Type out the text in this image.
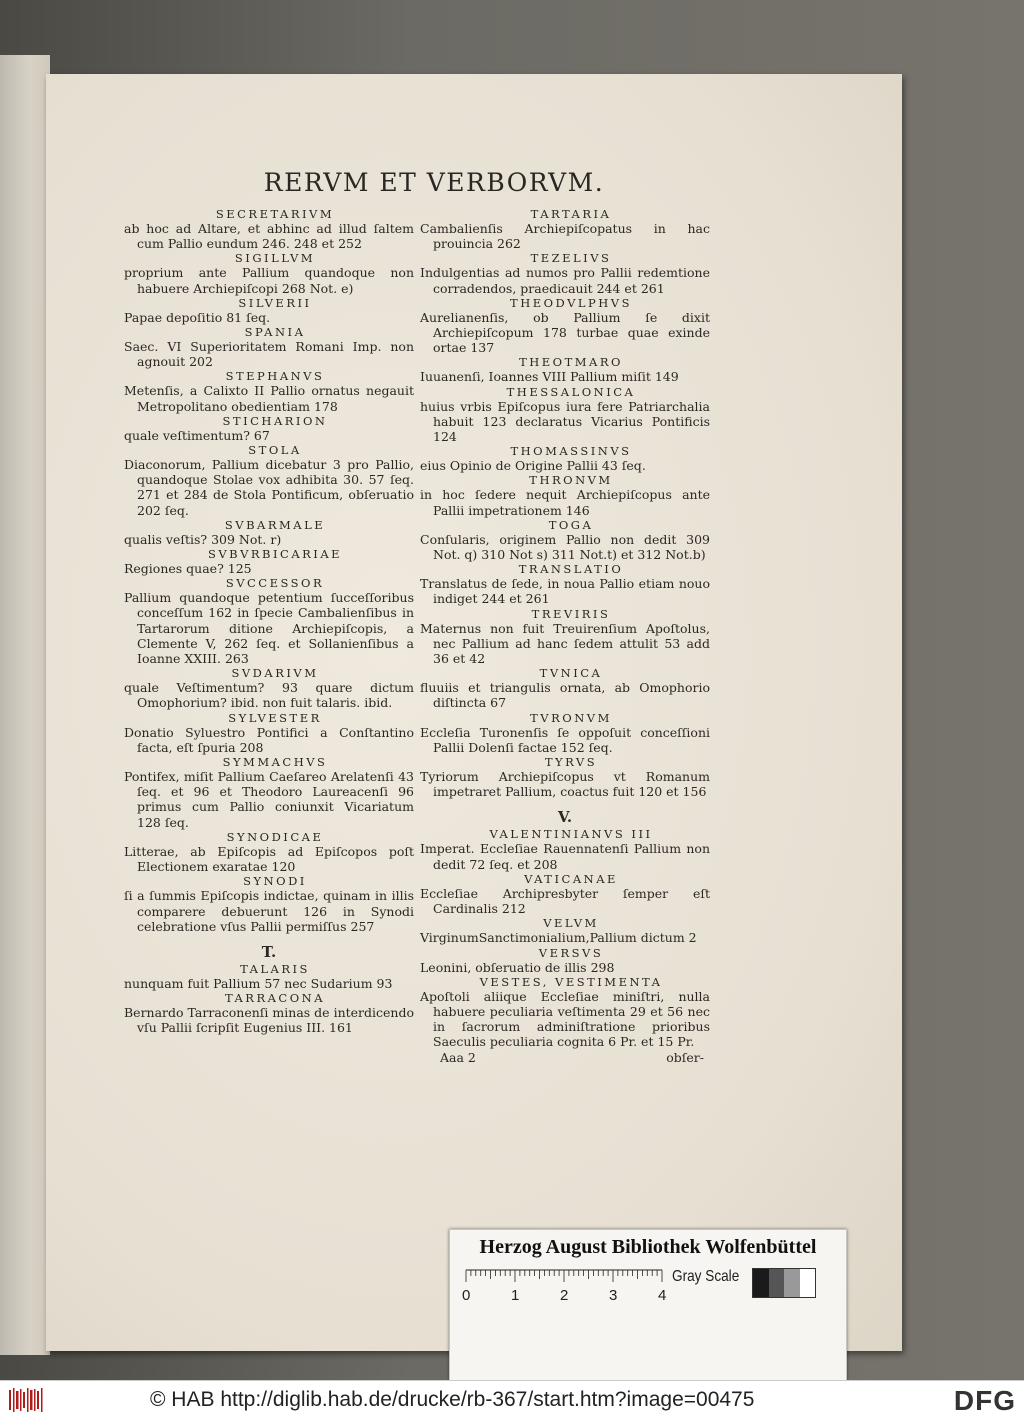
RERVM ET VERBORVM.
SECRETARIVM
ab hoc ad Altare, et abhinc ad illud ſaltem cum Pallio eundum 246. 248 et 252
SIGILLVM
proprium ante Pallium quandoque non habuere Archiepiſcopi 268 Not. e)
SILVERII
Papae depoſitio 81 ſeq.
SPANIA
Saec. VI Superioritatem Romani Imp. non agnouit 202
STEPHANVS
Metenſis, a Calixto II Pallio ornatus negauit Metropolitano obedientiam 178
STICHARION
quale veſtimentum? 67
STOLA
Diaconorum, Pallium dicebatur 3 pro Pallio, quandoque Stolae vox adhibita 30. 57 ſeq. 271 et 284 de Stola Pontificum, obſeruatio 202 ſeq.
SVBARMALE
qualis veſtis? 309 Not. r)
SVBVRBICARIAE
Regiones quae? 125
SVCCESSOR
Pallium quandoque petentium ſucceſſoribus conceſſum 162 in ſpecie Cambalienſibus in Tartarorum ditione Archiepiſcopis, a Clemente V, 262 ſeq. et Sollanienſibus a Ioanne XXIII. 263
SVDARIVM
quale Veſtimentum? 93 quare dictum Omophorium? ibid. non fuit talaris. ibid.
SYLVESTER
Donatio Syluestro Pontifici a Conſtantino facta, eſt ſpuria 208
SYMMACHVS
Pontifex, miſit Pallium Caeſareo Arelatenſi 43 ſeq. et 96 et Theodoro Laureacenſi 96 primus cum Pallio coniunxit Vicariatum 128 ſeq.
SYNODICAE
Litterae, ab Epiſcopis ad Epiſcopos poſt Electionem exaratae 120
SYNODI
ſi a ſummis Epiſcopis indictae, quinam in illis comparere debuerunt 126 in Synodi celebratione vſus Pallii permiſſus 257
T.
TALARIS
nunquam fuit Pallium 57 nec Sudarium 93
TARRACONA
Bernardo Tarraconenſi minas de interdicendo vſu Pallii ſcripſit Eugenius III. 161
TARTARIA
Cambalienſis Archiepiſcopatus in hac prouincia 262
TEZELIVS
Indulgentias ad numos pro Pallii redemtione corradendos, praedicauit 244 et 261
THEODVLPHVS
Aurelianenſis, ob Pallium ſe dixit Archiepiſcopum 178 turbae quae exinde ortae 137
THEOTMARO
Iuuanenſi, Ioannes VIII Pallium miſit 149
THESSALONICA
huius vrbis Epiſcopus iura fere Patriarchalia habuit 123 declaratus Vicarius Pontificis 124
THOMASSINVS
eius Opinio de Origine Pallii 43 ſeq.
THRONVM
in hoc ſedere nequit Archiepiſcopus ante Pallii impetrationem 146
TOGA
Conſularis, originem Pallio non dedit 309 Not. q) 310 Not s) 311 Not.t) et 312 Not.b)
TRANSLATIO
Translatus de ſede, in noua Pallio etiam nouo indiget 244 et 261
TREVIRIS
Maternus non fuit Treuirenſium Apoſtolus, nec Pallium ad hanc ſedem attulit 53 add 36 et 42
TVNICA
fluuiis et triangulis ornata, ab Omophorio diſtincta 67
TVRONVM
Eccleſia Turonenſis ſe oppoſuit conceſſioni Pallii Dolenſi factae 152 ſeq.
TYRVS
Tyriorum Archiepiſcopus vt Romanum impetraret Pallium, coactus fuit 120 et 156
V.
VALENTINIANVS III
Imperat. Eccleſiae Rauennatenſi Pallium non dedit 72 ſeq. et 208
VATICANAE
Eccleſiae Archipresbyter ſemper eſt Cardinalis 212
VELVM
VirginumSanctimonialium,Pallium dictum 2
VERSVS
Leonini, obſeruatio de illis 298
VESTES, VESTIMENTA
Apoſtoli aliique Eccleſiae miniſtri, nulla habuere peculiaria veſtimenta 29 et 56 nec in ſacrorum adminiſtratione prioribus Saeculis peculiaria cognita 6 Pr. et 15 Pr.
Aaa 2	obſer-
Herzog August Bibliothek Wolfenbüttel
0	1	2	3	4
Gray Scale
© HAB http://diglib.hab.de/drucke/rb-367/start.htm?image=00475	DFG
